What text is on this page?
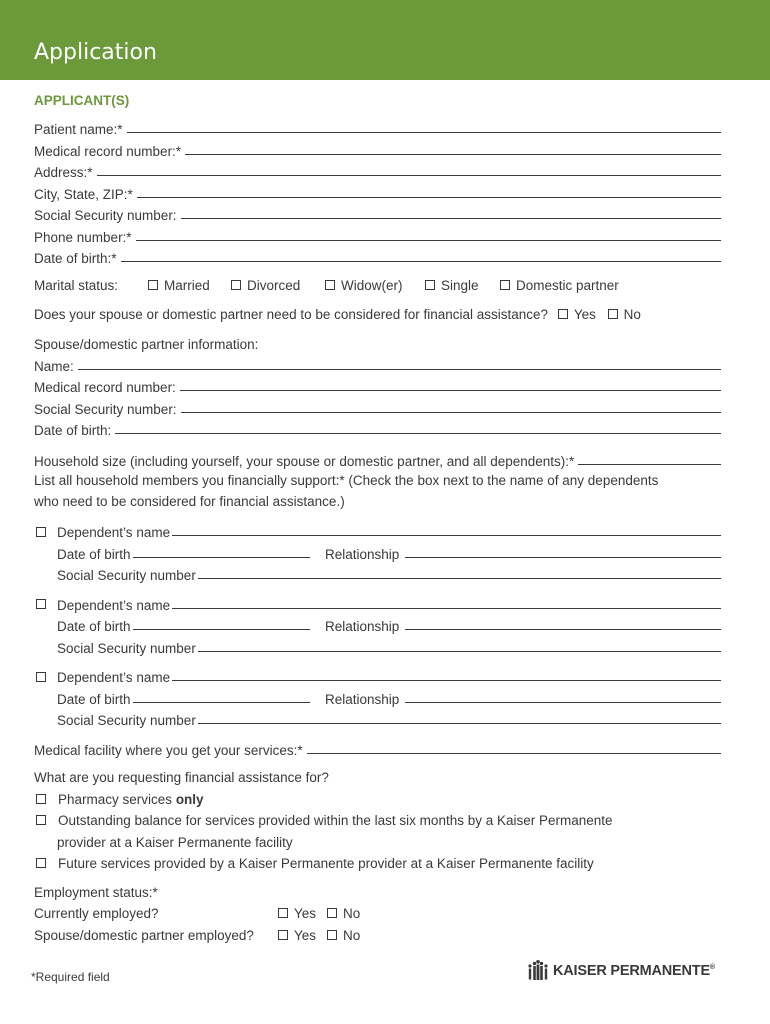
Application
APPLICANT(S)
Patient name:*
Medical record number:*
Address:*
City, State, ZIP:*
Social Security number:
Phone number:*
Date of birth:*
Marital status:	Married	Divorced	Widow(er)	Single	Domestic partner
Does your spouse or domestic partner need to be considered for financial assistance? Yes No
Spouse/domestic partner information:
Name:
Medical record number:
Social Security number:
Date of birth:
Household size (including yourself, your spouse or domestic partner, and all dependents):*
List all household members you financially support:* (Check the box next to the name of any dependents
who need to be considered for financial assistance.)
Dependent’s name
Date of birth	Relationship
Social Security number
Dependent’s name
Date of birth	Relationship
Social Security number
Dependent’s name
Date of birth	Relationship
Social Security number
Medical facility where you get your services:*
What are you requesting financial assistance for?
Pharmacy services only
Outstanding balance for services provided within the last six months by a Kaiser Permanente
provider at a Kaiser Permanente facility
Future services provided by a Kaiser Permanente provider at a Kaiser Permanente facility
Employment status:*
Currently employed?	Yes	No
Spouse/domestic partner employed?	Yes	No
*Required field	KAISER PERMANENTE®
